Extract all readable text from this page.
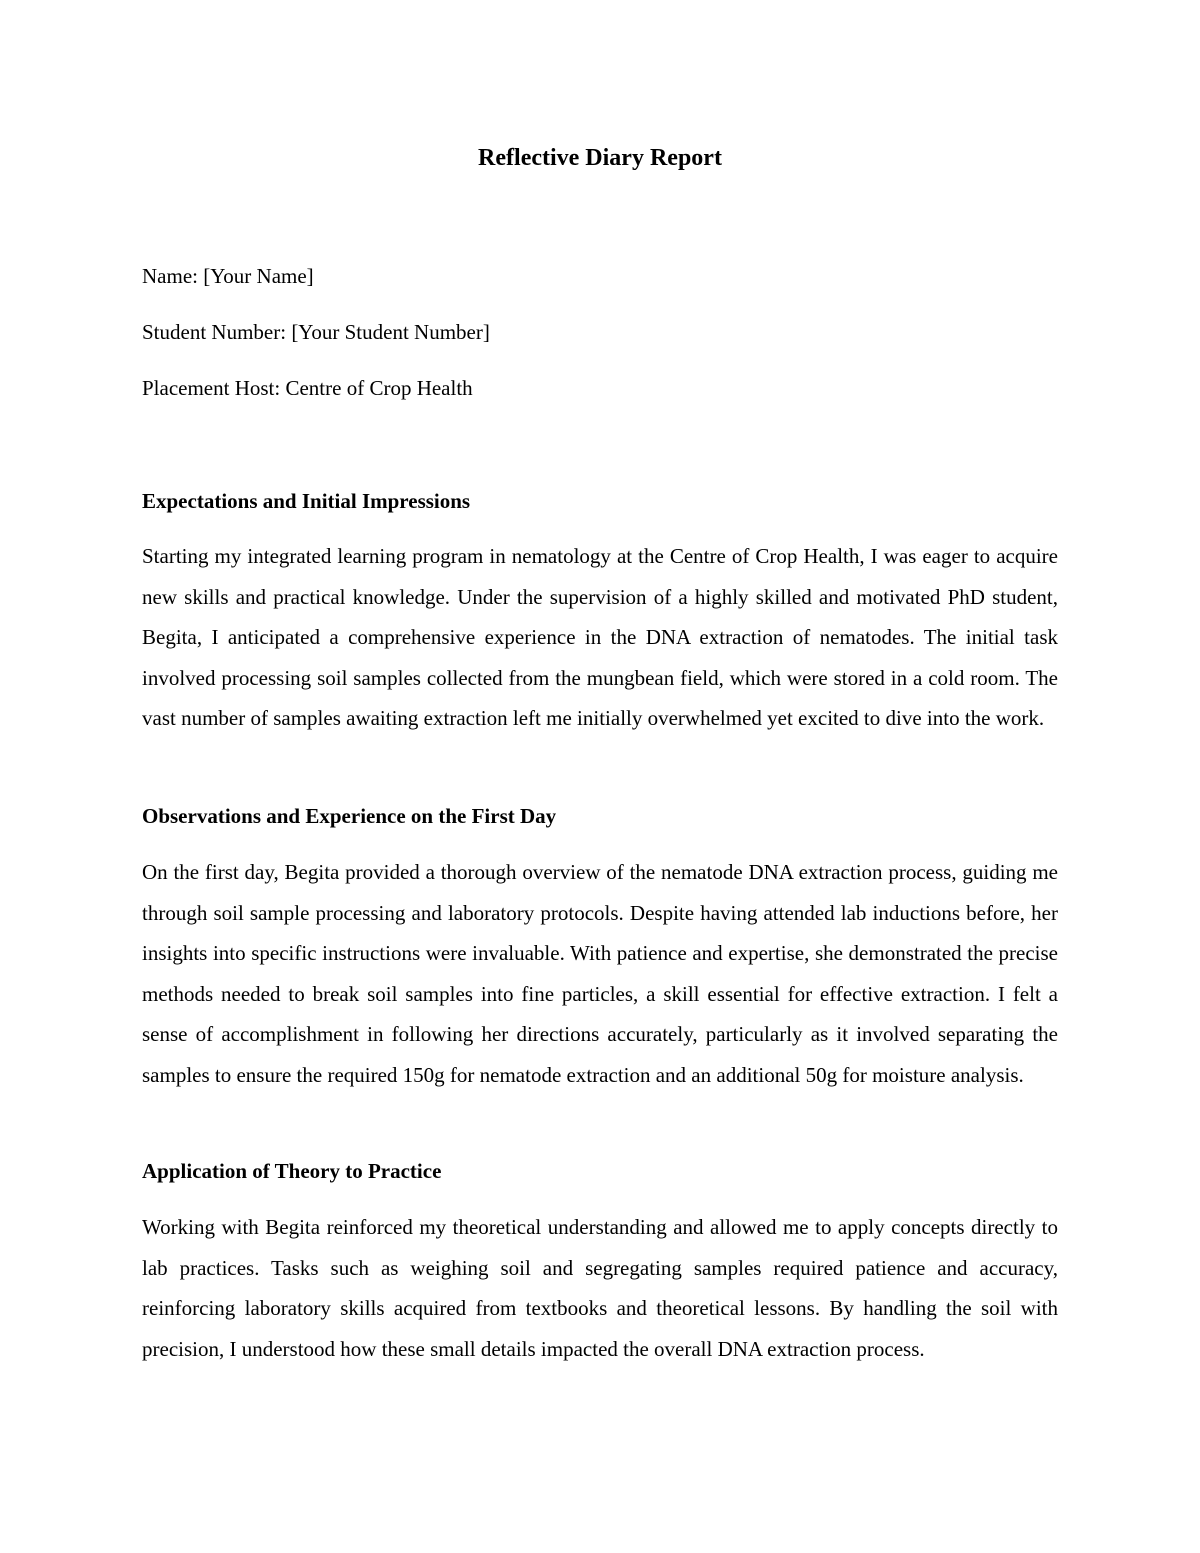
Reflective Diary Report

Name: [Your Name]

Student Number: [Your Student Number]

Placement Host: Centre of Crop Health

Expectations and Initial Impressions

Starting my integrated learning program in nematology at the Centre of Crop Health, I was eager to acquire new skills and practical knowledge. Under the supervision of a highly skilled and motivated PhD student, Begita, I anticipated a comprehensive experience in the DNA extraction of nematodes. The initial task involved processing soil samples collected from the mungbean field, which were stored in a cold room. The vast number of samples awaiting extraction left me initially overwhelmed yet excited to dive into the work.

Observations and Experience on the First Day

On the first day, Begita provided a thorough overview of the nematode DNA extraction process, guiding me through soil sample processing and laboratory protocols. Despite having attended lab inductions before, her insights into specific instructions were invaluable. With patience and expertise, she demonstrated the precise methods needed to break soil samples into fine particles, a skill essential for effective extraction. I felt a sense of accomplishment in following her directions accurately, particularly as it involved separating the samples to ensure the required 150g for nematode extraction and an additional 50g for moisture analysis.

Application of Theory to Practice

Working with Begita reinforced my theoretical understanding and allowed me to apply concepts directly to lab practices. Tasks such as weighing soil and segregating samples required patience and accuracy, reinforcing laboratory skills acquired from textbooks and theoretical lessons. By handling the soil with precision, I understood how these small details impacted the overall DNA extraction process.
